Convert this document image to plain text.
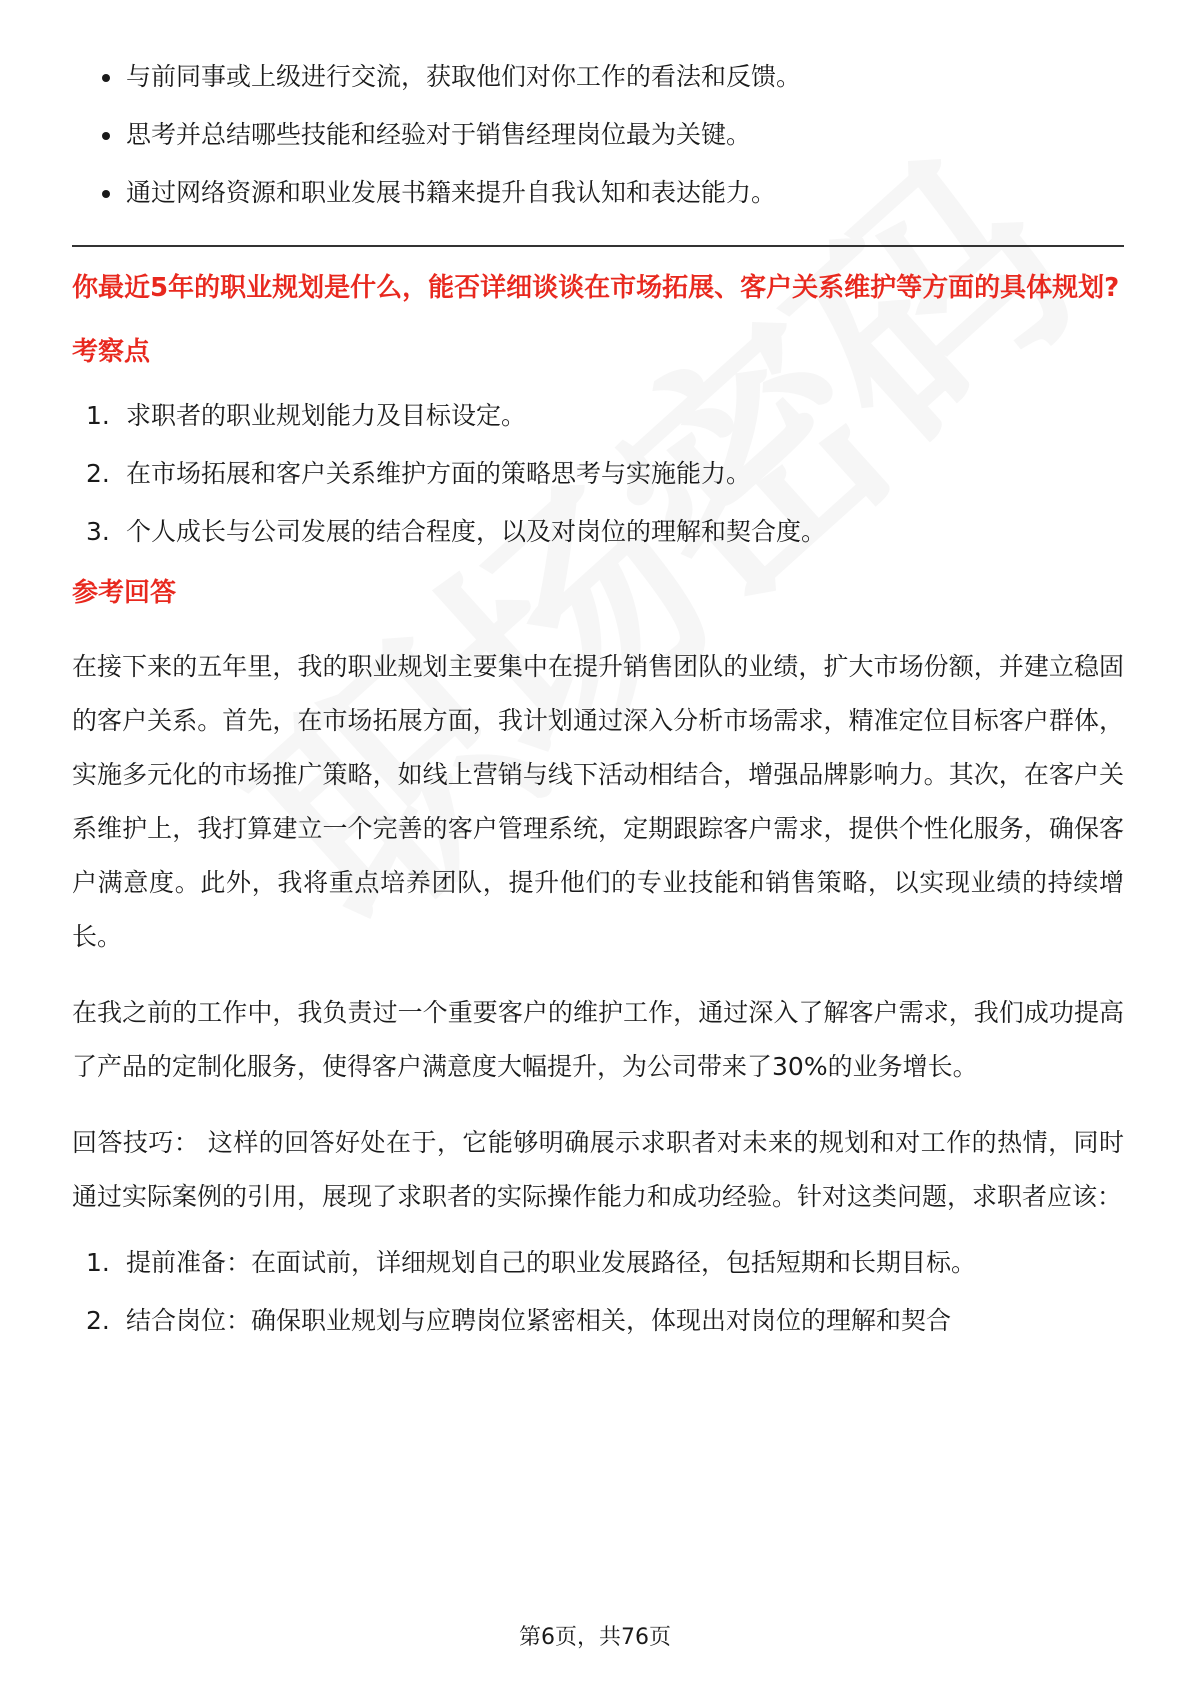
与前同事或上级进行交流，获取他们对你工作的看法和反馈。
思考并总结哪些技能和经验对于销售经理岗位最为关键。
通过网络资源和职业发展书籍来提升自我认知和表达能力。
你最近5年的职业规划是什么，能否详细谈谈在市场拓展、客户关系维护等方面的具体规划?
考察点
1. 求职者的职业规划能力及目标设定。
2. 在市场拓展和客户关系维护方面的策略思考与实施能力。
3. 个人成长与公司发展的结合程度，以及对岗位的理解和契合度。
参考回答

在接下来的五年里，我的职业规划主要集中在提升销售团队的业绩，扩大市场份额，并建立稳固的客户关系。首先，在市场拓展方面，我计划通过深入分析市场需求，精准定位目标客户群体，实施多元化的市场推广策略，如线上营销与线下活动相结合，增强品牌影响力。其次，在客户关系维护上，我打算建立一个完善的客户管理系统，定期跟踪客户需求，提供个性化服务，确保客户满意度。此外，我将重点培养团队，提升他们的专业技能和销售策略，以实现业绩的持续增长。

在我之前的工作中，我负责过一个重要客户的维护工作，通过深入了解客户需求，我们成功提高了产品的定制化服务，使得客户满意度大幅提升，为公司带来了30%的业务增长。

回答技巧： 这样的回答好处在于，它能够明确展示求职者对未来的规划和对工作的热情，同时通过实际案例的引用，展现了求职者的实际操作能力和成功经验。针对这类问题，求职者应该：

1. 提前准备：在面试前，详细规划自己的职业发展路径，包括短期和长期目标。
2. 结合岗位：确保职业规划与应聘岗位紧密相关，体现出对岗位的理解和契合
第6页，共76页
